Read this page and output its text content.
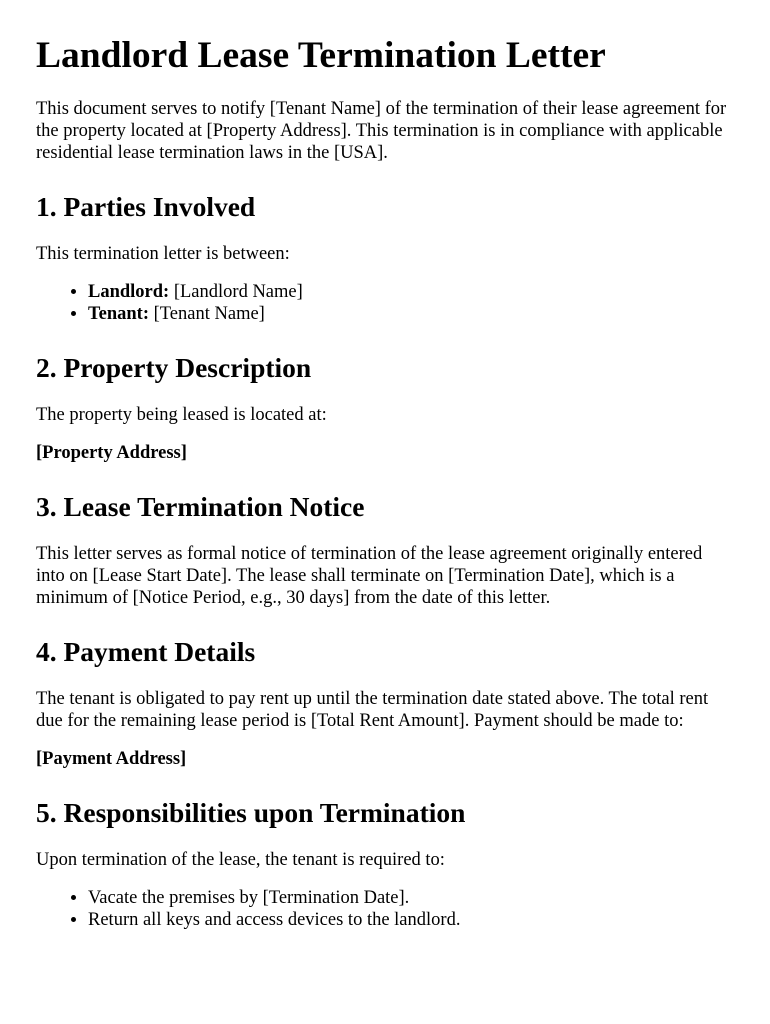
Landlord Lease Termination Letter

This document serves to notify [Tenant Name] of the termination of their lease agreement for the property located at [Property Address]. This termination is in compliance with applicable residential lease termination laws in the [USA].

1. Parties Involved

This termination letter is between:

• Landlord: [Landlord Name]
• Tenant: [Tenant Name]
2. Property Description

The property being leased is located at:

[Property Address]

3. Lease Termination Notice

This letter serves as formal notice of termination of the lease agreement originally entered into on [Lease Start Date]. The lease shall terminate on [Termination Date], which is a minimum of [Notice Period, e.g., 30 days] from the date of this letter.

4. Payment Details

The tenant is obligated to pay rent up until the termination date stated above. The total rent due for the remaining lease period is [Total Rent Amount]. Payment should be made to:

[Payment Address]

5. Responsibilities upon Termination

Upon termination of the lease, the tenant is required to:

• Vacate the premises by [Termination Date].
• Return all keys and access devices to the landlord.
